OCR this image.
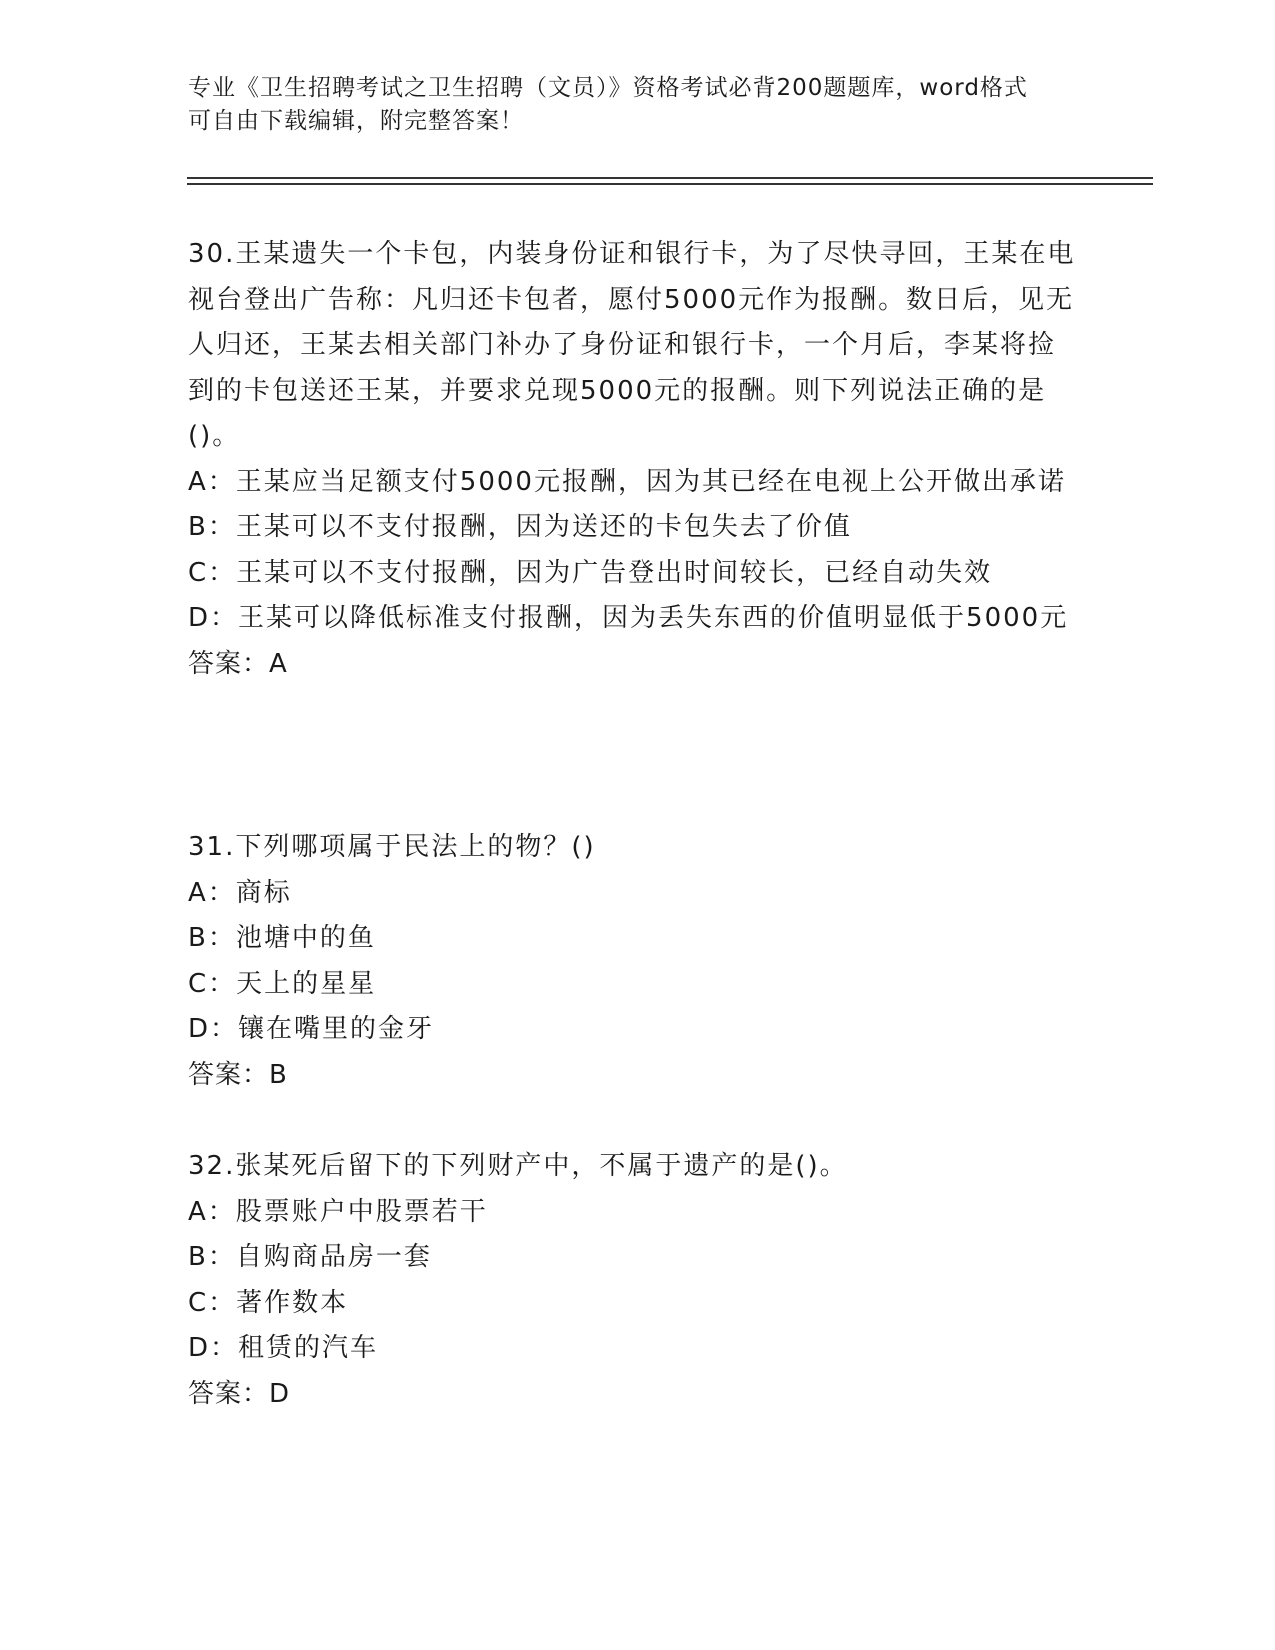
专业《卫生招聘考试之卫生招聘（文员）》资格考试必背200题题库，word格式

可自由下载编辑，附完整答案！

30.王某遗失一个卡包，内装身份证和银行卡，为了尽快寻回，王某在电视台登出广告称：凡归还卡包者，愿付5000元作为报酬。数日后，见无人归还，王某去相关部门补办了身份证和银行卡，一个月后，李某将捡到的卡包送还王某，并要求兑现5000元的报酬。则下列说法正确的是()。

A：王某应当足额支付5000元报酬，因为其已经在电视上公开做出承诺

B：王某可以不支付报酬，因为送还的卡包失去了价值

C：王某可以不支付报酬，因为广告登出时间较长，已经自动失效

D：王某可以降低标准支付报酬，因为丢失东西的价值明显低于5000元

答案：A

31.下列哪项属于民法上的物？()

A：商标

B：池塘中的鱼

C：天上的星星

D：镶在嘴里的金牙

答案：B

32.张某死后留下的下列财产中，不属于遗产的是()。

A：股票账户中股票若干

B：自购商品房一套

C：著作数本

D：租赁的汽车

答案：D
